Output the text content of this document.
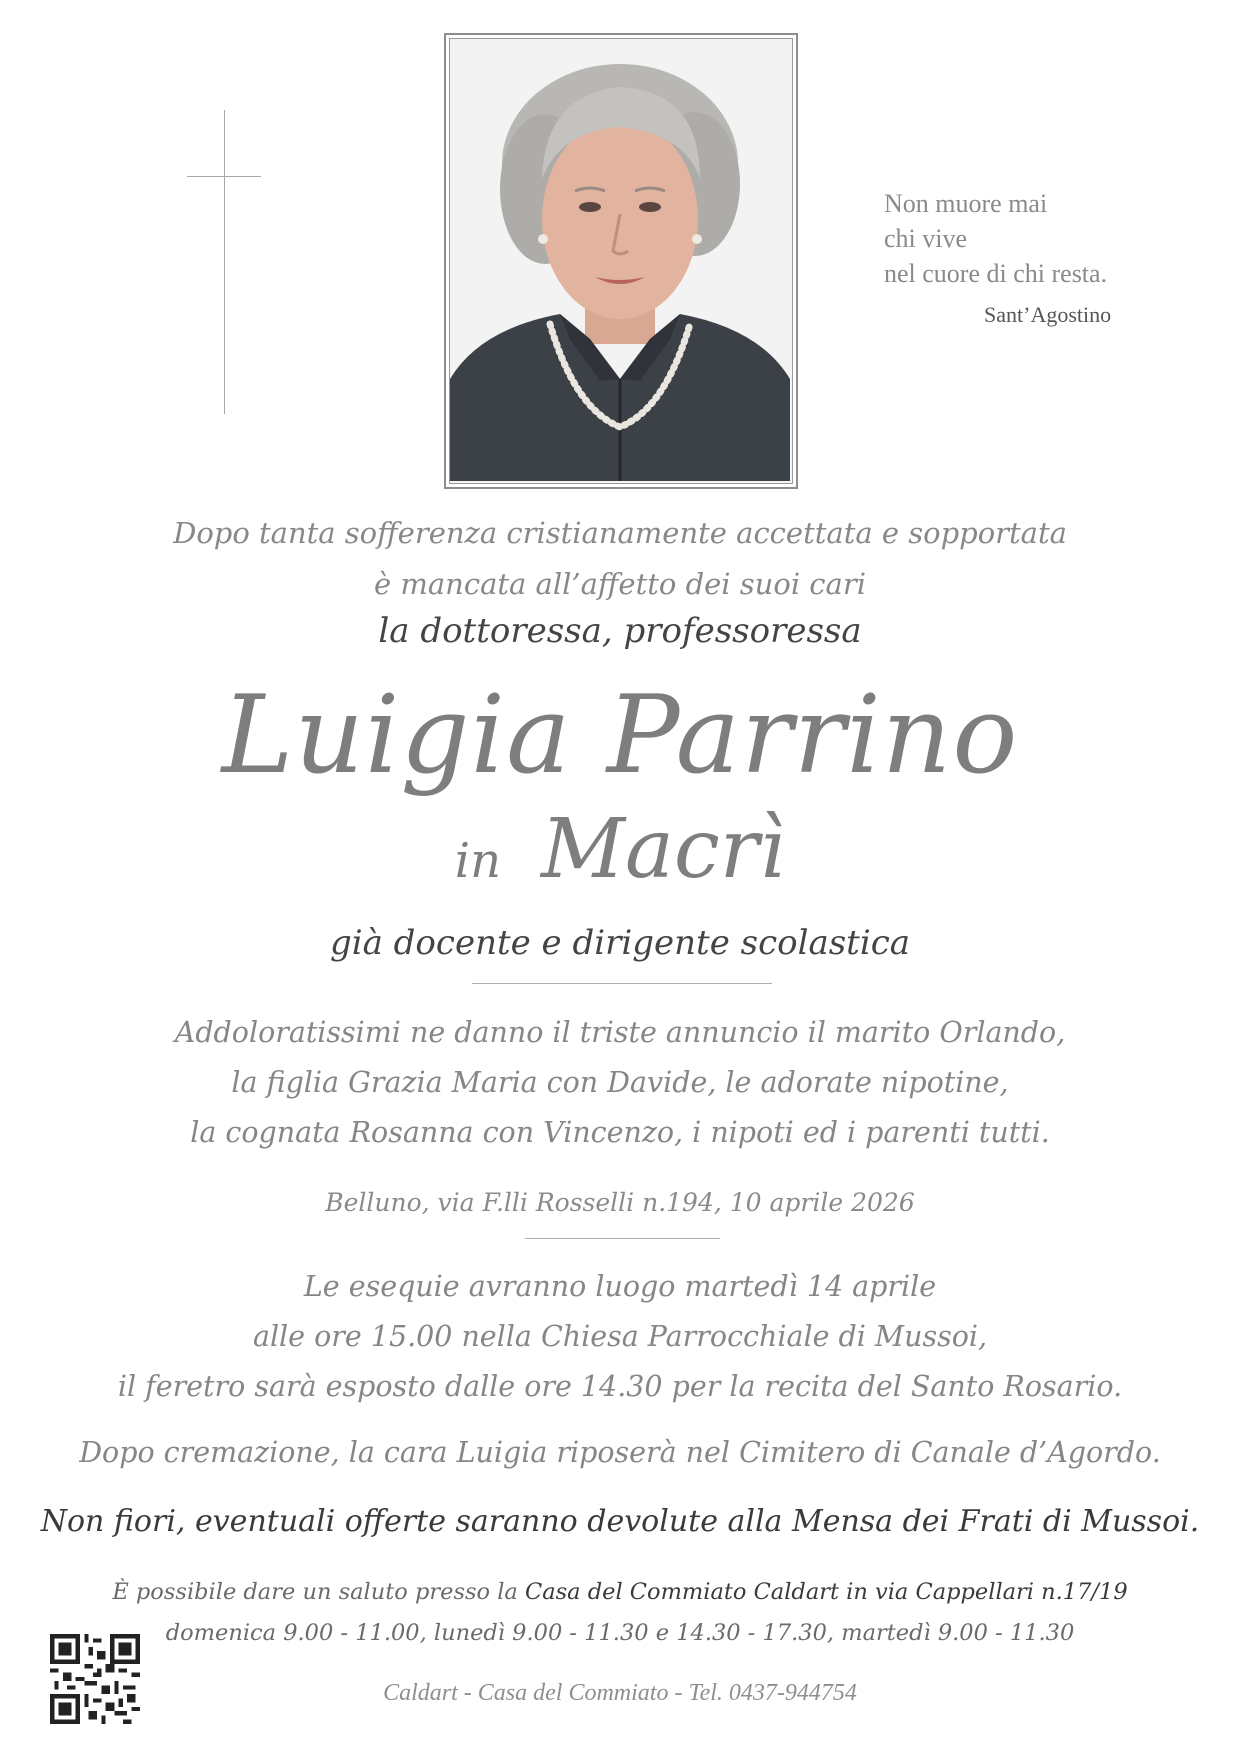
Non muore mai
chi vive
nel cuore di chi resta.
Sant’Agostino
Dopo tanta sofferenza cristianamente accettata e sopportata
è mancata all’affetto dei suoi cari
la dottoressa, professoressa
Luigia Parrino
in Macrì
già docente e dirigente scolastica
Addoloratissimi ne danno il triste annuncio il marito Orlando,
la figlia Grazia Maria con Davide, le adorate nipotine,
la cognata Rosanna con Vincenzo, i nipoti ed i parenti tutti.
Belluno, via F.lli Rosselli n.194, 10 aprile 2026
Le esequie avranno luogo martedì 14 aprile
alle ore 15.00 nella Chiesa Parrocchiale di Mussoi,
il feretro sarà esposto dalle ore 14.30 per la recita del Santo Rosario.
Dopo cremazione, la cara Luigia riposerà nel Cimitero di Canale d’Agordo.
Non fiori, eventuali offerte saranno devolute alla Mensa dei Frati di Mussoi.
È possibile dare un saluto presso la Casa del Commiato Caldart in via Cappellari n.17/19
domenica 9.00 - 11.00, lunedì 9.00 - 11.30 e 14.30 - 17.30, martedì 9.00 - 11.30
Caldart - Casa del Commiato - Tel. 0437-944754
